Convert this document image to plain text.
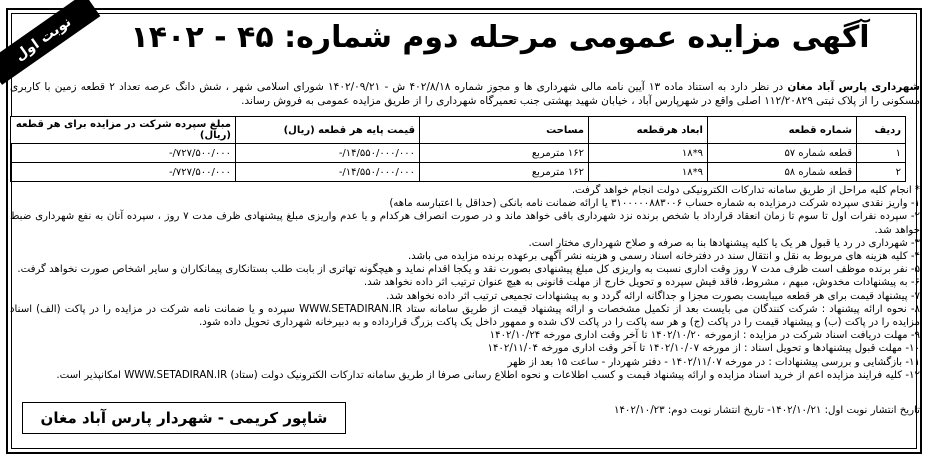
نوبت اول	آگهی مزایده عمومی مرحله دوم شماره: ۴۵ - ۱۴۰۲
شهرداری پارس آباد مغان در نظر دارد به استناد ماده ۱۳ آیین نامه مالی شهرداری ها و مجوز شماره ۴۰۲/۸/۱۸ ش - ۱۴۰۲/۰۹/۲۱ شورای اسلامی شهر ، شش دانگ عرصه تعداد ۲ قطعه زمین با کاربری مسکونی را از پلاک ثبتی ۱۱۲/۲۰۸۲۹ اصلی واقع در شهرپارس آباد ، خیابان شهید بهشتی جنب تعمیرگاه شهرداری را از طریق مزایده عمومی به فروش رساند.
ردیف	شماره قطعه	ابعاد هرقطعه	مساحت	قیمت پایه هر قطعه (ریال)	مبلغ سپرده شرکت در مزایده برای هر قطعه (ریال)
۱	قطعه شماره ۵۷	۹*۱۸	۱۶۲ مترمربع	۱۴/۵۵۰/۰۰۰/۰۰۰/-	۷۲۷/۵۰۰/۰۰۰/-
۲	قطعه شماره ۵۸	۹*۱۸	۱۶۲ مترمربع	۱۴/۵۵۰/۰۰۰/۰۰۰/-	۷۲۷/۵۰۰/۰۰۰/-
* انجام کلیه مراحل از طریق سامانه تدارکات الکترونیکی دولت انجام خواهد گرفت.
۱- واریز نقدی سپرده شرکت درمزایده به شماره حساب ۳۱۰۰۰۰۰۸۸۳۰۰۶ یا ارائه ضمانت نامه بانکی (حداقل با اعتبارسه ماهه)
۲- سپرده نفرات اول تا سوم تا زمان انعقاد قرارداد با شخص برنده نزد شهرداری باقی خواهد ماند و در صورت انصراف هرکدام و یا عدم واریزی مبلغ پیشنهادی ظرف مدت ۷ روز ، سپرده آنان به نفع شهرداری ضبط خواهد شد.
۳- شهرداری در رد یا قبول هر یک یا کلیه پیشنهادها بنا به صرفه و صلاح شهرداری مختار است.
۴- کلیه هزینه های مربوط به نقل و انتقال سند در دفترخانه اسناد رسمی و هزینه نشر آگهی برعهده برنده مزایده می باشد.
۵- نفر برنده موظف است ظرف مدت ۷ روز وقت اداری نسبت به واریزی کل مبلغ پیشنهادی بصورت نقد و یکجا اقدام نماید و هیچگونه تهاتری از بابت طلب بستانکاری پیمانکاران و سایر اشخاص صورت نخواهد گرفت.
۶- به پیشنهادات مخدوش، مبهم ، مشروط، فاقد فیش سپرده و تحویل خارج از مهلت قانونی به هیچ عنوان ترتیب اثر داده نخواهد شد.
۷- پیشنهاد قیمت برای هر قطعه میبایست بصورت مجزا و جداگانه ارائه گردد و به پیشنهادات تجمیعی ترتیب اثر داده نخواهد شد.
۸- نحوه ارائه پیشنهاد : شرکت کنندگان می بایست بعد از تکمیل مشخصات و ارائه پیشنهاد قیمت از طریق سامانه ستاد WWW.SETADIRAN.IR سپرده و یا ضمانت نامه شرکت در مزایده را در پاکت (الف) اسناد مزایده را در پاکت (ب) و پیشنهاد قیمت را در پاکت (ج) و هر سه پاکت را در پاکت لاک شده و ممهور داخل یک پاکت بزرگ قرارداده و به دبیرخانه شهرداری تحویل داده شود.
۹- مهلت دریافت اسناد شرکت در مزایده : ازمورخه ۱۴۰۲/۱۰/۲۰ تا آخر وقت اداری مورخه ۱۴۰۲/۱۰/۲۴
۱۰- مهلت قبول پیشنهادها و تحویل اسناد : از مورخه ۱۴۰۲/۱۰/۰۷ تا آخر وقت اداری مورخه ۱۴۰۲/۱۱/۰۴
۱۱- بازگشایی و بررسی پیشنهادات : در مورخه ۱۴۰۲/۱۱/۰۷ - دفتر شهردار - ساعت ۱۵ بعد از ظهر
۱۲- کلیه فرایند مزایده اعم از خرید اسناد مزایده و ارائه پیشنهاد قیمت و کسب اطلاعات و نحوه اطلاع رسانی صرفا از طریق سامانه تدارکات الکترونیک دولت (ستاد) WWW.SETADIRAN.IR امکانپذیر است.
تاریخ انتشار نوبت اول: ۱۴۰۲/۱۰/۲۱- تاریخ انتشار نوبت دوم: ۱۴۰۲/۱۰/۲۳
شاپور کریمی - شهردار پارس آباد مغان
